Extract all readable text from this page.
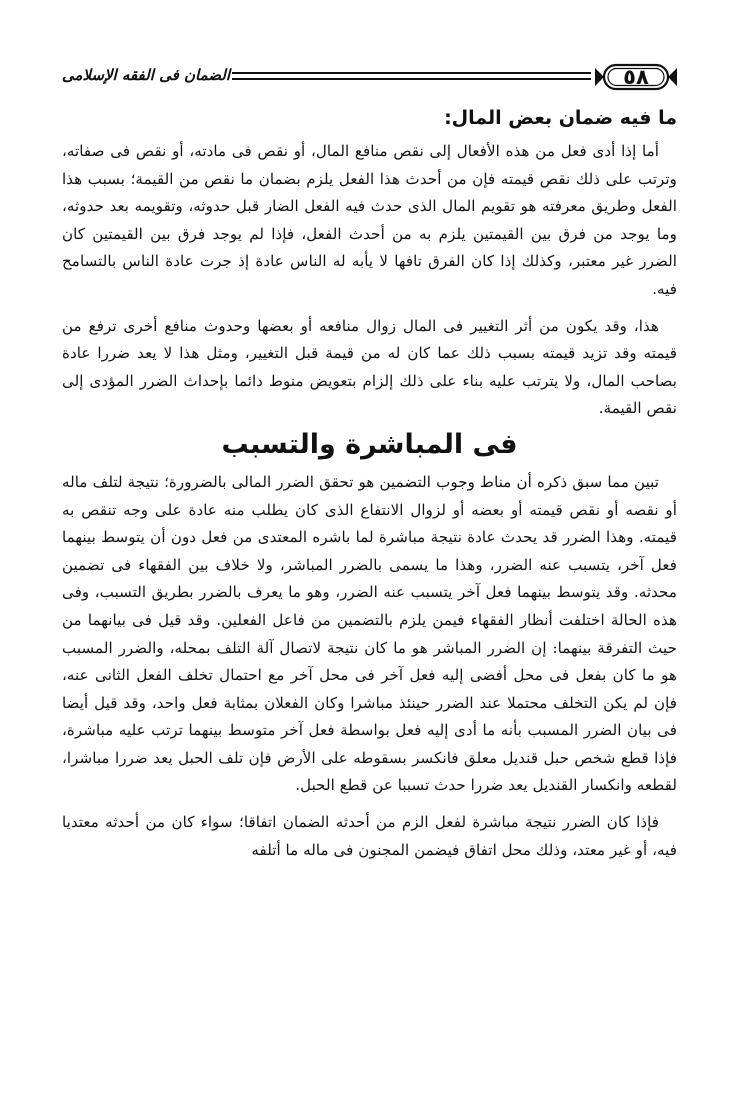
٥٨
الضمان فى الفقه الإسلامى
ما فيه ضمان بعض المال:

أما إذا أدى فعل من هذه الأفعال إلى نقص منافع المال، أو نقص فى مادته، أو نقص فى صفاته، وترتب على ذلك نقص قيمته فإن من أحدث هذا الفعل يلزم بضمان ما نقص من القيمة؛ بسبب هذا الفعل وطريق معرفته هو تقويم المال الذى حدث فيه الفعل الضار قبل حدوثه، وتقويمه بعد حدوثه، وما يوجد من فرق بين القيمتين يلزم به من أحدث الفعل، فإذا لم يوجد فرق بين القيمتين كان الضرر غير معتبر، وكذلك إذا كان الفرق تافها لا يأبه له الناس عادة إذ جرت عادة الناس بالتسامح فيه.

هذا، وقد يكون من أثر التغيير فى المال زوال منافعه أو بعضها وحدوث منافع أخرى ترفع من قيمته وقد تزيد قيمته بسبب ذلك عما كان له من قيمة قبل التغيير، ومثل هذا لا يعد ضررا عادة بصاحب المال، ولا يترتب عليه بناء على ذلك إلزام بتعويض منوط دائما بإحداث الضرر المؤدى إلى نقص القيمة.

فى المباشرة والتسبب

تبين مما سبق ذكره أن مناط وجوب التضمين هو تحقق الضرر المالى بالضرورة؛ نتيجة لتلف ماله أو نقصه أو نقص قيمته أو بعضه أو لزوال الانتفاع الذى كان يطلب منه عادة على وجه تنقص به قيمته. وهذا الضرر قد يحدث عادة نتيجة مباشرة لما باشره المعتدى من فعل دون أن يتوسط بينهما فعل آخر، يتسبب عنه الضرر، وهذا ما يسمى بالضرر المباشر، ولا خلاف بين الفقهاء فى تضمين محدثه. وقد يتوسط بينهما فعل آخر يتسبب عنه الضرر، وهو ما يعرف بالضرر بطريق التسبب، وفى هذه الحالة اختلفت أنظار الفقهاء فيمن يلزم بالتضمين من فاعل الفعلين. وقد قيل فى بيانهما من حيث التفرقة بينهما: إن الضرر المباشر هو ما كان نتيجة لاتصال آلة التلف بمحله، والضرر المسبب هو ما كان بفعل فى محل أفضى إليه فعل آخر فى محل آخر مع احتمال تخلف الفعل الثانى عنه، فإن لم يكن التخلف محتملا عند الضرر حينئذ مباشرا وكان الفعلان بمثابة فعل واحد، وقد قيل أيضا فى بيان الضرر المسبب بأنه ما أدى إليه فعل بواسطة فعل آخر متوسط بينهما ترتب عليه مباشرة، فإذا قطع شخص حبل قنديل معلق فانكسر بسقوطه على الأرض فإن تلف الحبل يعد ضررا مباشرا، لقطعه وانكسار القنديل يعد ضررا حدث تسببا عن قطع الحبل.

فإذا كان الضرر نتيجة مباشرة لفعل الزم من أحدثه الضمان اتفاقا؛ سواء كان من أحدثه معتديا فيه، أو غير معتد، وذلك محل اتفاق فيضمن المجنون فى ماله ما أتلفه
